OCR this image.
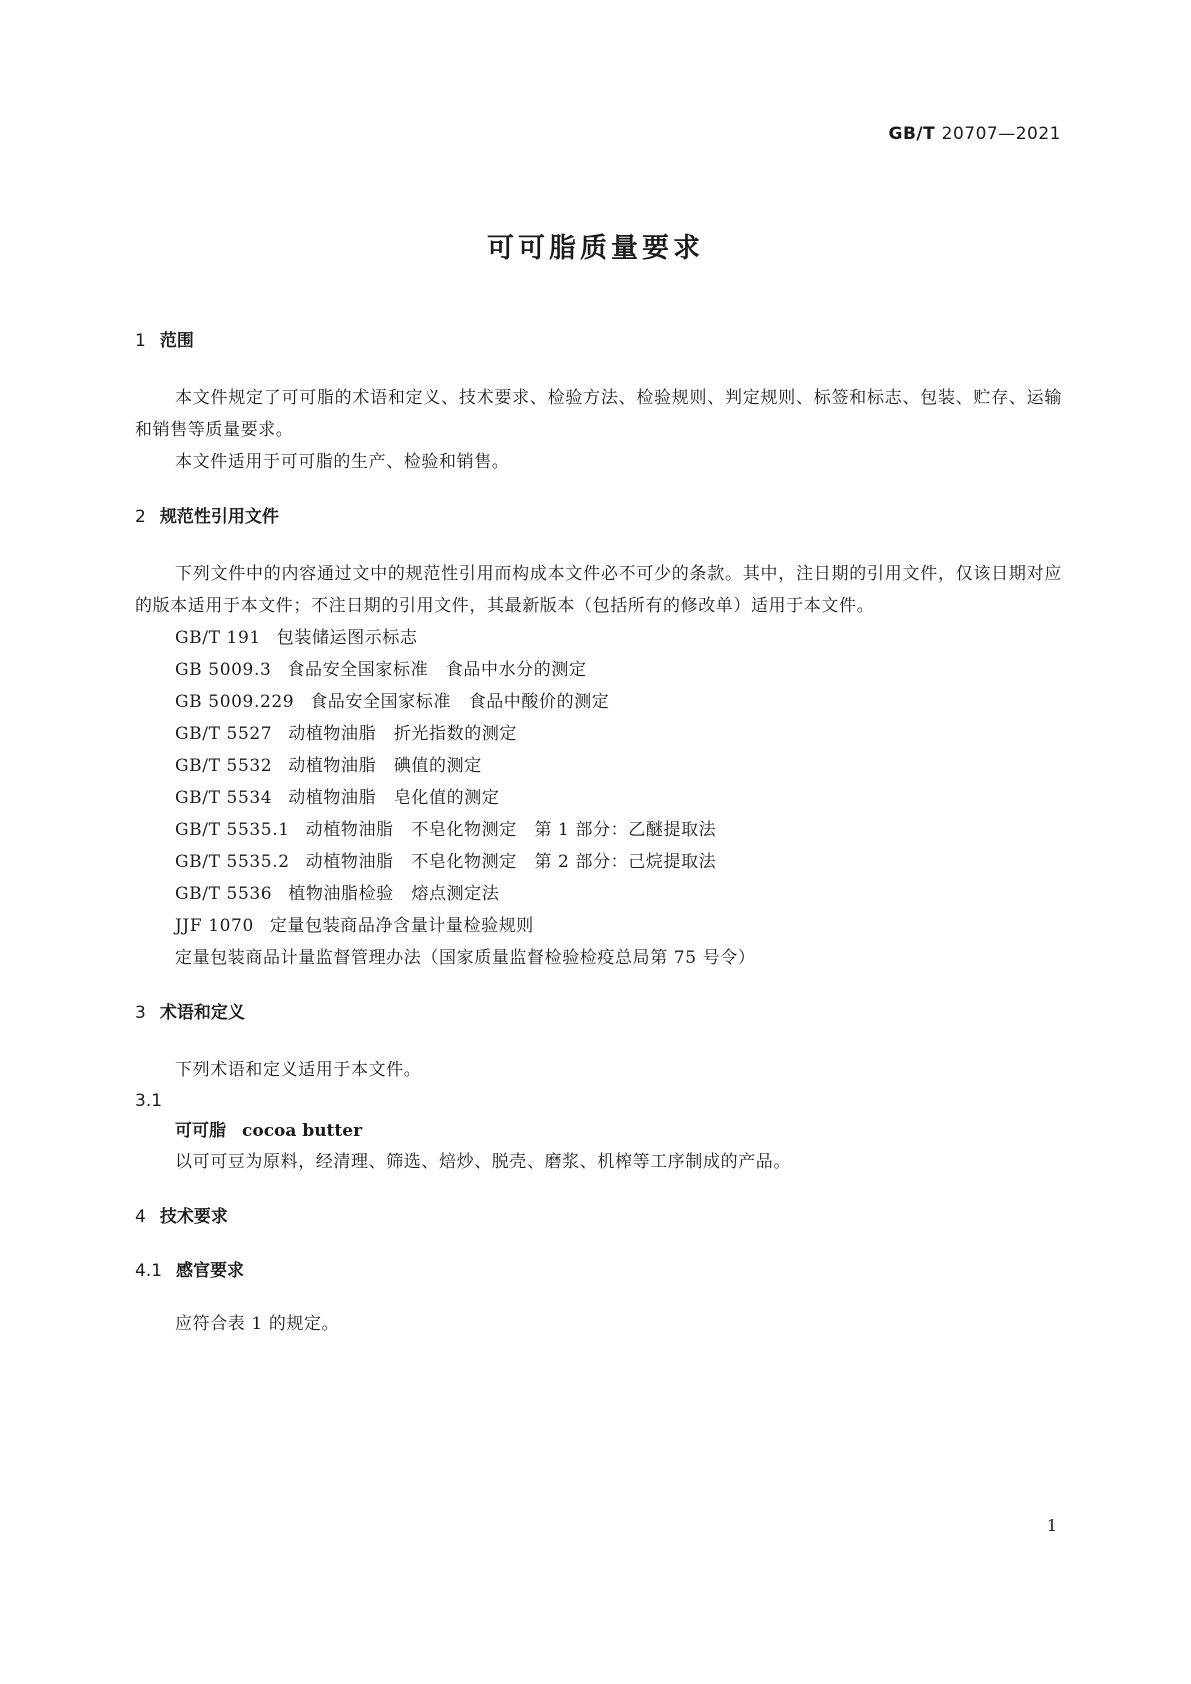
GB/T 20707—2021
可可脂质量要求
1 范围
本文件规定了可可脂的术语和定义、技术要求、检验方法、检验规则、判定规则、标签和标志、包装、贮存、运输和销售等质量要求。
本文件适用于可可脂的生产、检验和销售。
2 规范性引用文件
下列文件中的内容通过文中的规范性引用而构成本文件必不可少的条款。其中，注日期的引用文件，仅该日期对应的版本适用于本文件；不注日期的引用文件，其最新版本（包括所有的修改单）适用于本文件。
GB/T 191 包装储运图示标志
GB 5009.3 食品安全国家标准　食品中水分的测定
GB 5009.229 食品安全国家标准　食品中酸价的测定
GB/T 5527 动植物油脂　折光指数的测定
GB/T 5532 动植物油脂　碘值的测定
GB/T 5534 动植物油脂　皂化值的测定
GB/T 5535.1 动植物油脂　不皂化物测定　第 1 部分：乙醚提取法
GB/T 5535.2 动植物油脂　不皂化物测定　第 2 部分：己烷提取法
GB/T 5536 植物油脂检验　熔点测定法
JJF 1070 定量包装商品净含量计量检验规则
定量包装商品计量监督管理办法（国家质量监督检验检疫总局第 75 号令）
3 术语和定义
下列术语和定义适用于本文件。
3.1
可可脂 cocoa butter
以可可豆为原料，经清理、筛选、焙炒、脱壳、磨浆、机榨等工序制成的产品。
4 技术要求
4.1 感官要求
应符合表 1 的规定。
1
